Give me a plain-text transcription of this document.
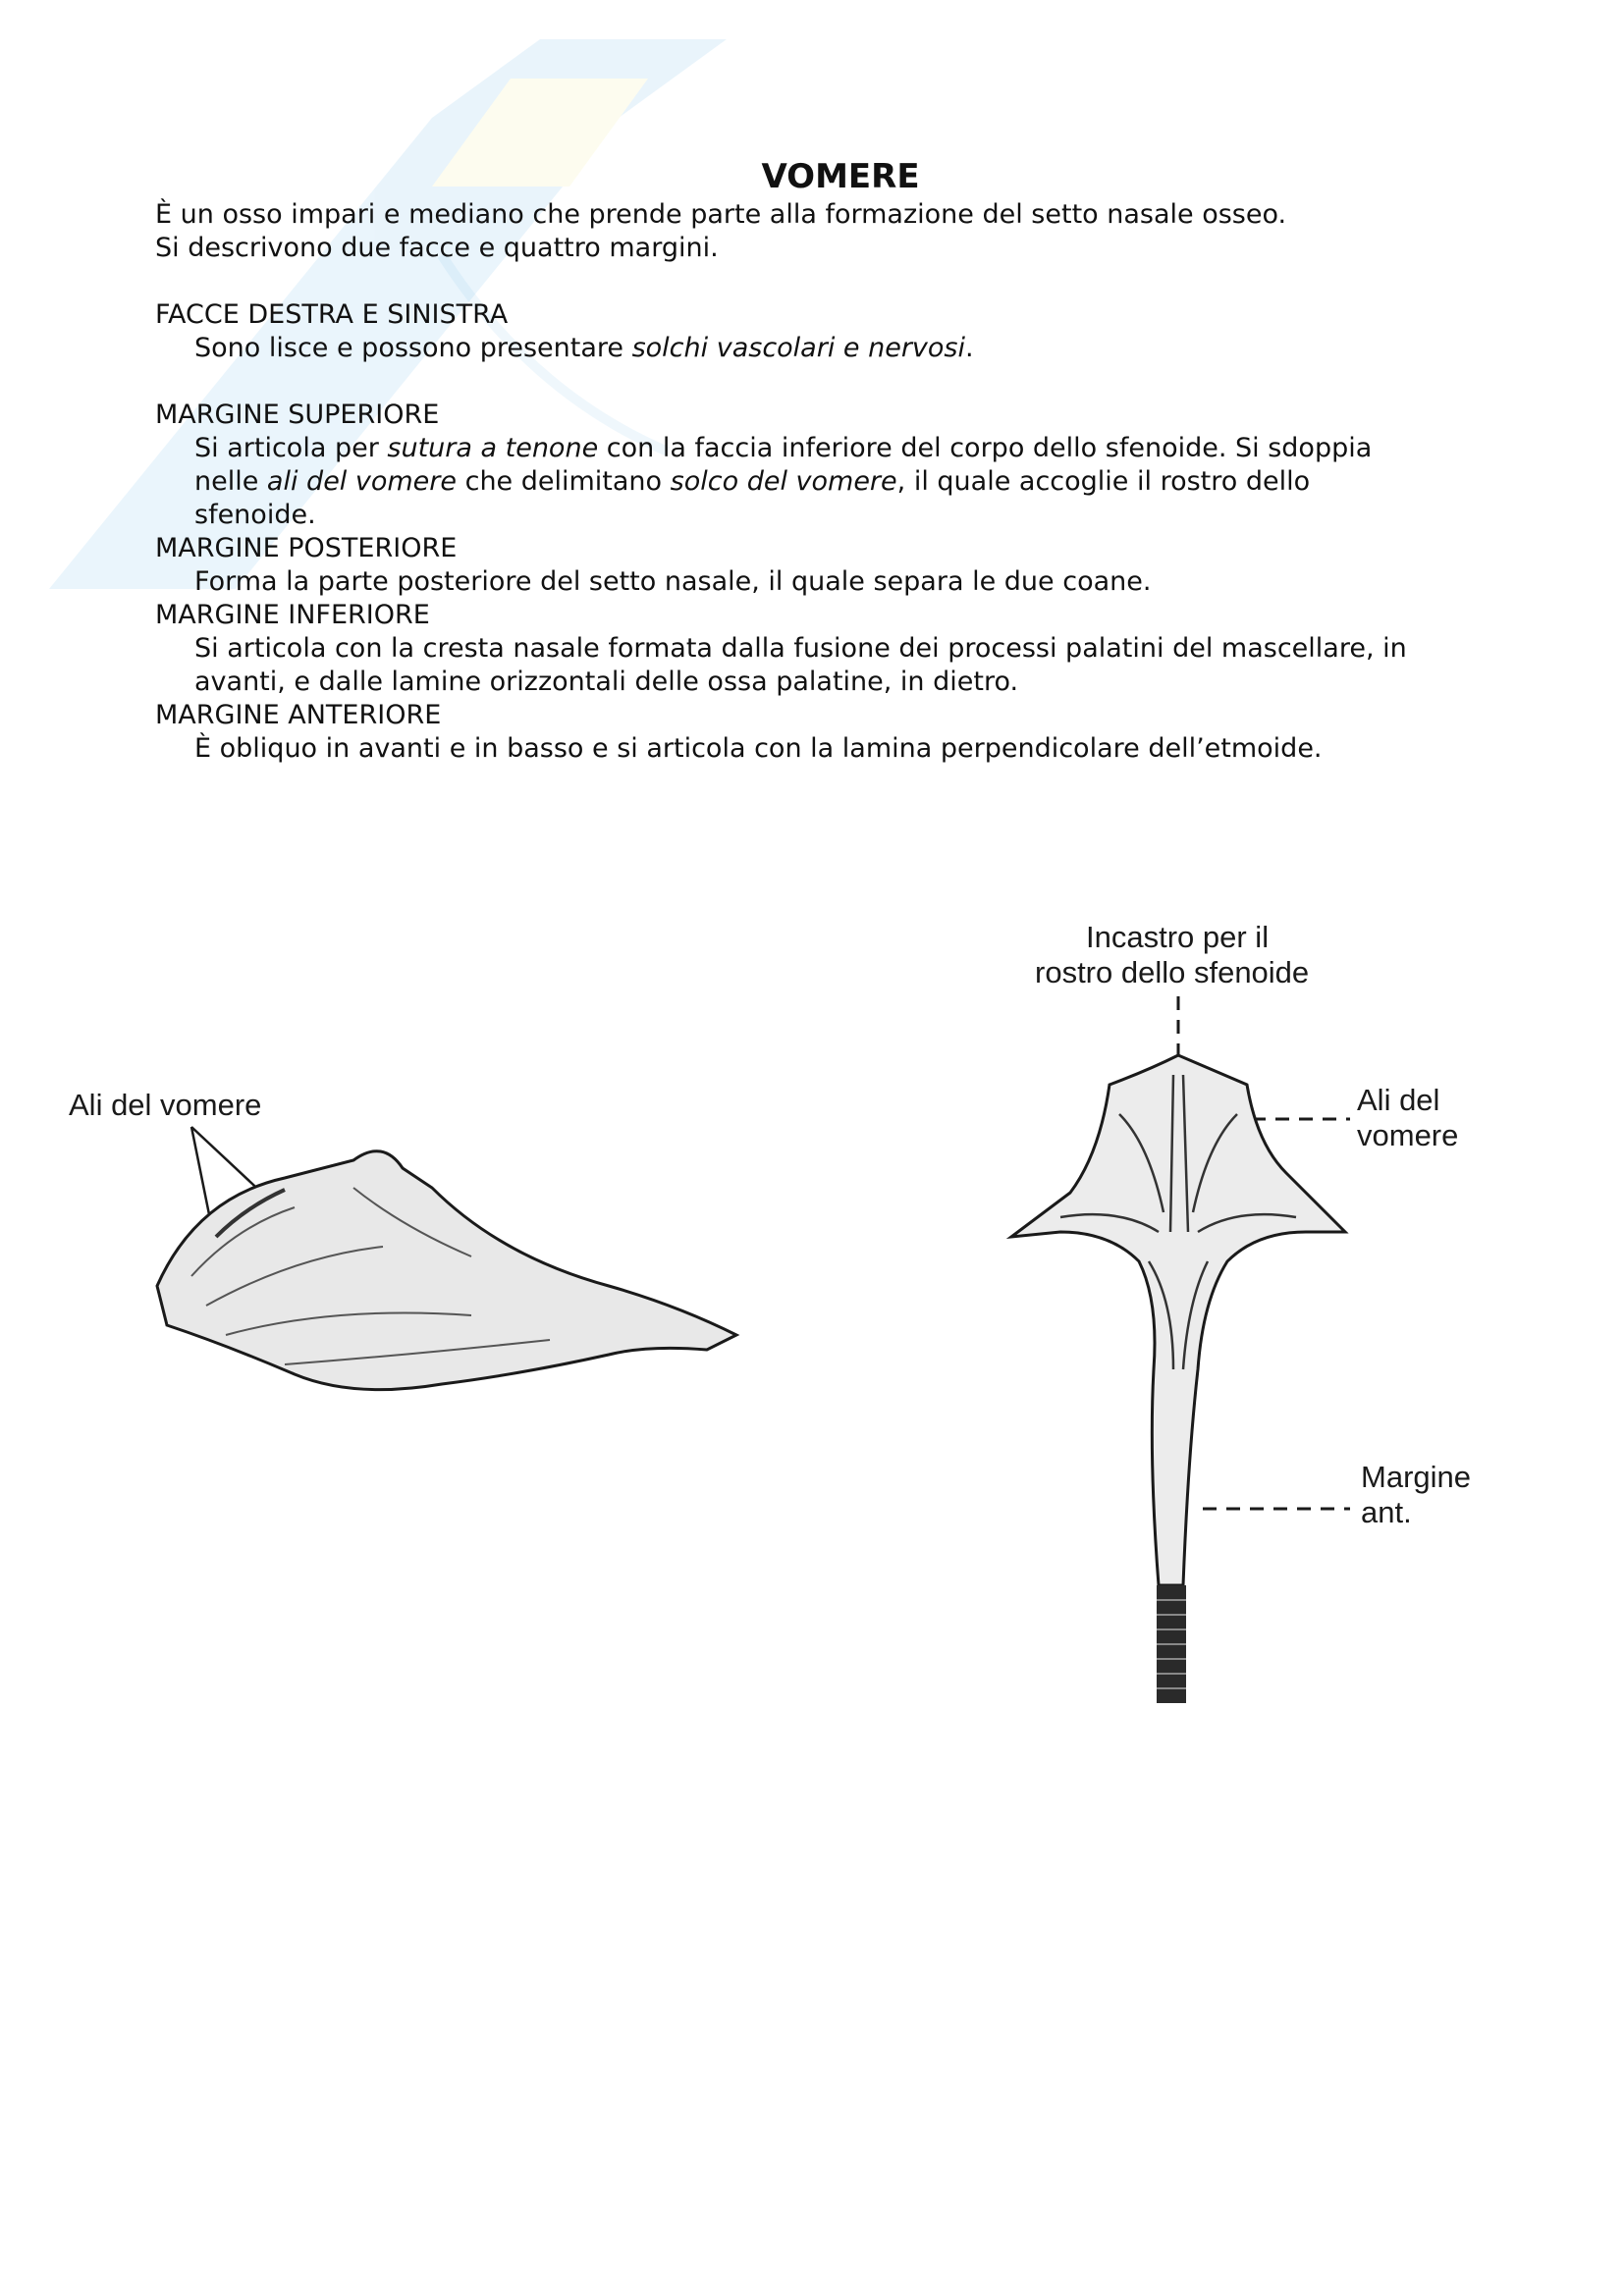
VOMERE
È un osso impari e mediano che prende parte alla formazione del setto nasale osseo.
Si descrivono due facce e quattro margini.
FACCE DESTRA E SINISTRA
Sono lisce e possono presentare solchi vascolari e nervosi.
MARGINE SUPERIORE
Si articola per sutura a tenone con la faccia inferiore del corpo dello sfenoide. Si sdoppia
nelle ali del vomere che delimitano solco del vomere, il quale accoglie il rostro dello
sfenoide.
MARGINE POSTERIORE
Forma la parte posteriore del setto nasale, il quale separa le due coane.
MARGINE INFERIORE
Si articola con la cresta nasale formata dalla fusione dei processi palatini del mascellare, in
avanti, e dalle lamine orizzontali delle ossa palatine, in dietro.
MARGINE ANTERIORE
È obliquo in avanti e in basso e si articola con la lamina perpendicolare dell’etmoide.
Ali del vomere
Incastro per il
rostro dello sfenoide
Ali del
vomere
Margine
ant.
